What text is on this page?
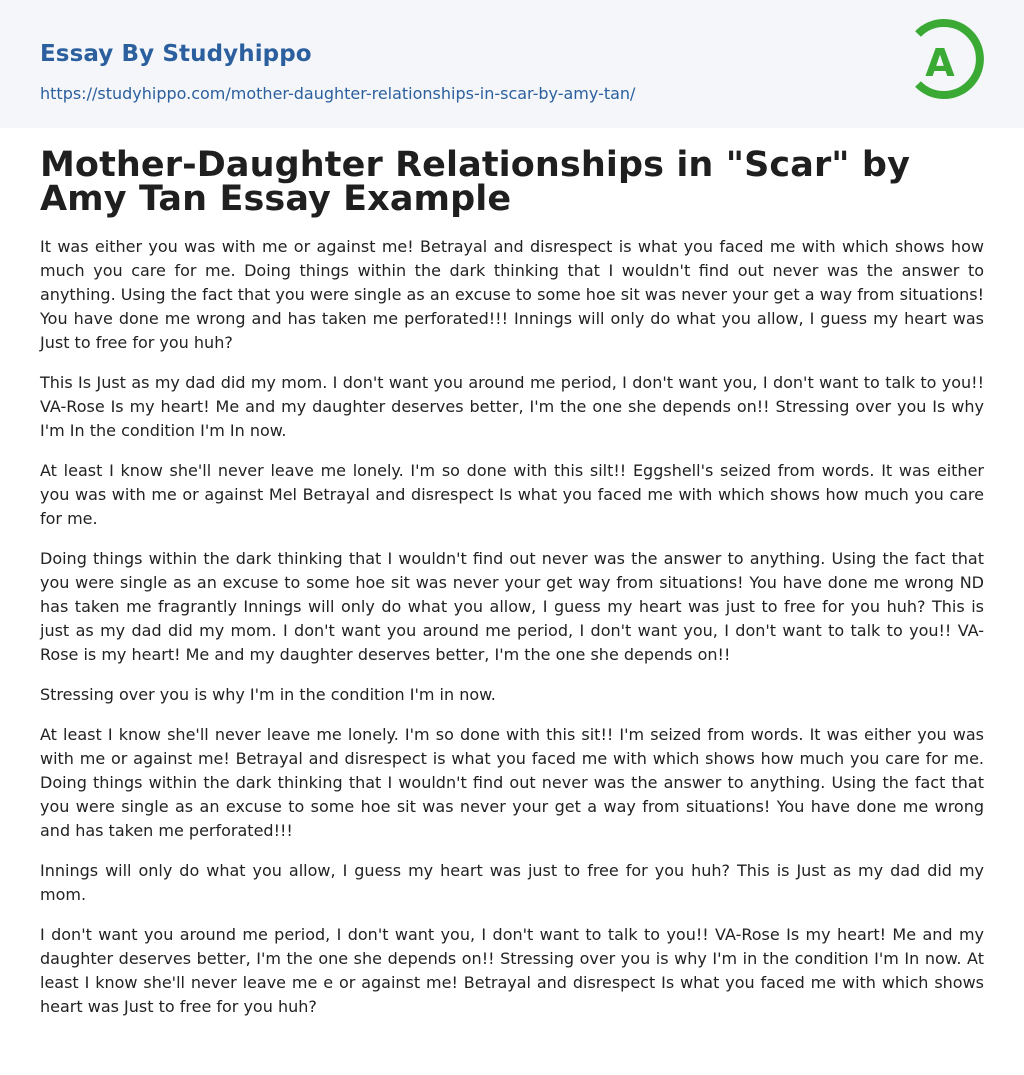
Essay By Studyhippo
https://studyhippo.com/mother-daughter-relationships-in-scar-by-amy-tan/
A
Mother-Daughter Relationships in "Scar" by Amy Tan Essay Example

It was either you was with me or against me! Betrayal and disrespect is what you faced me with which shows how much you care for me. Doing things within the dark thinking that I wouldn't find out never was the answer to anything. Using the fact that you were single as an excuse to some hoe sit was never your get a way from situations! You have done me wrong and has taken me perforated!!! Innings will only do what you allow, I guess my heart was Just to free for you huh?

This Is Just as my dad did my mom. I don't want you around me period, I don't want you, I don't want to talk to you!! VA-Rose Is my heart! Me and my daughter deserves better, I'm the one she depends on!! Stressing over you Is why I'm In the condition I'm In now.

At least I know she'll never leave me lonely. I'm so done with this silt!! Eggshell's seized from words. It was either you was with me or against Mel Betrayal and disrespect Is what you faced me with which shows how much you care for me.

Doing things within the dark thinking that I wouldn't find out never was the answer to anything. Using the fact that you were single as an excuse to some hoe sit was never your get way from situations! You have done me wrong ND has taken me fragrantly Innings will only do what you allow, I guess my heart was just to free for you huh? This is just as my dad did my mom. I don't want you around me period, I don't want you, I don't want to talk to you!! VA-Rose is my heart! Me and my daughter deserves better, I'm the one she depends on!!

Stressing over you is why I'm in the condition I'm in now.

At least I know she'll never leave me lonely. I'm so done with this sit!! I'm seized from words. It was either you was with me or against me! Betrayal and disrespect is what you faced me with which shows how much you care for me. Doing things within the dark thinking that I wouldn't find out never was the answer to anything. Using the fact that you were single as an excuse to some hoe sit was never your get a way from situations! You have done me wrong and has taken me perforated!!!

Innings will only do what you allow, I guess my heart was just to free for you huh? This is Just as my dad did my mom.

I don't want you around me period, I don't want you, I don't want to talk to you!! VA-Rose Is my heart! Me and my daughter deserves better, I'm the one she depends on!! Stressing over you is why I'm in the condition I'm In now. At least I know she'll never leave me e or against me! Betrayal and disrespect Is what you faced me with which shows heart was Just to free for you huh?
